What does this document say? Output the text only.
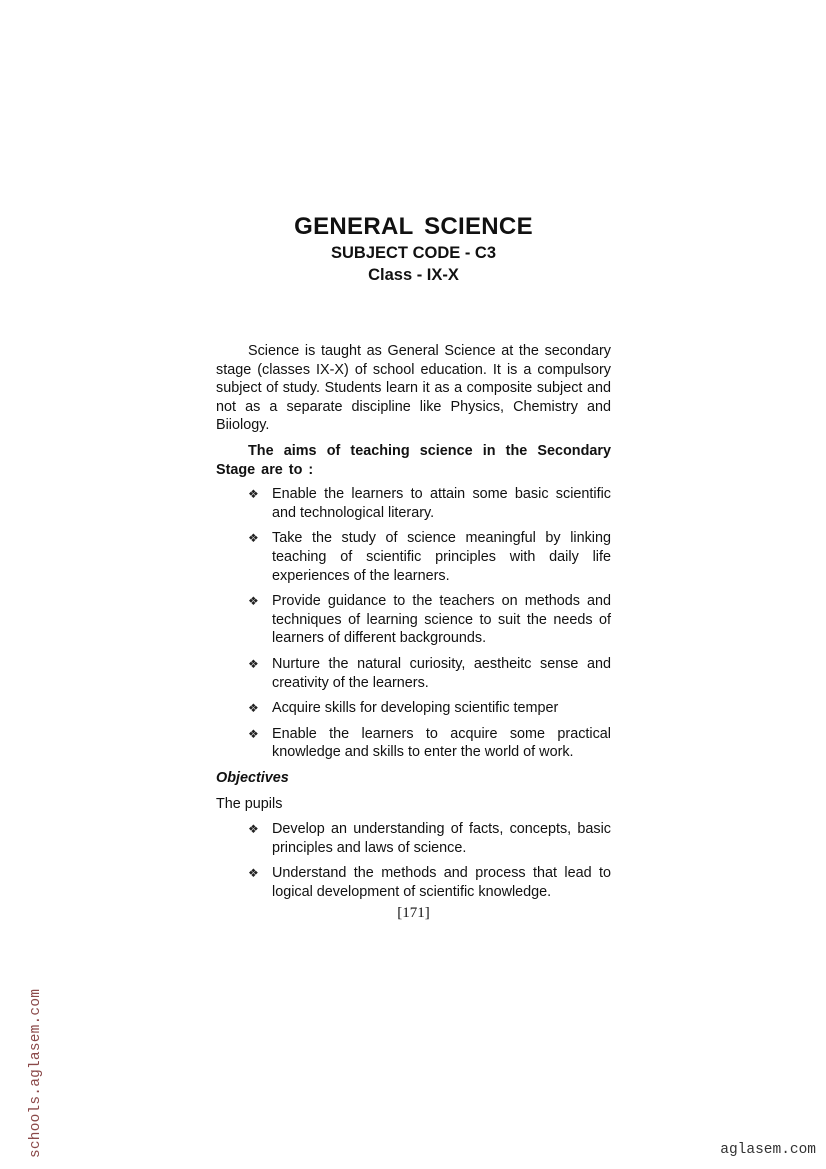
GENERAL SCIENCE

SUBJECT CODE - C3

Class - IX-X

Science is taught as General Science at the secondary stage (classes IX-X) of school education. It is a compulsory subject of study. Students learn it as a composite subject and not as a separate discipline like Physics, Chemistry and Biiology.

The aims of teaching science in the Secondary Stage are to :

❖ Enable the learners to attain some basic scientific and technological literary.
❖ Take the study of science meaningful by linking teaching of scientific principles with daily life experiences of the learners.
❖ Provide guidance to the teachers on methods and techniques of learning science to suit the needs of learners of different backgrounds.
❖ Nurture the natural curiosity, aestheitc sense and creativity of the learners.
❖ Acquire skills for developing scientific temper
❖ Enable the learners to acquire some practical knowledge and skills to enter the world of work.

Objectives

The pupils

❖ Develop an understanding of facts, concepts, basic principles and laws of science.
❖ Understand the methods and process that lead to logical development of scientific knowledge.

[171]

schools.aglasem.com	aglasem.com
